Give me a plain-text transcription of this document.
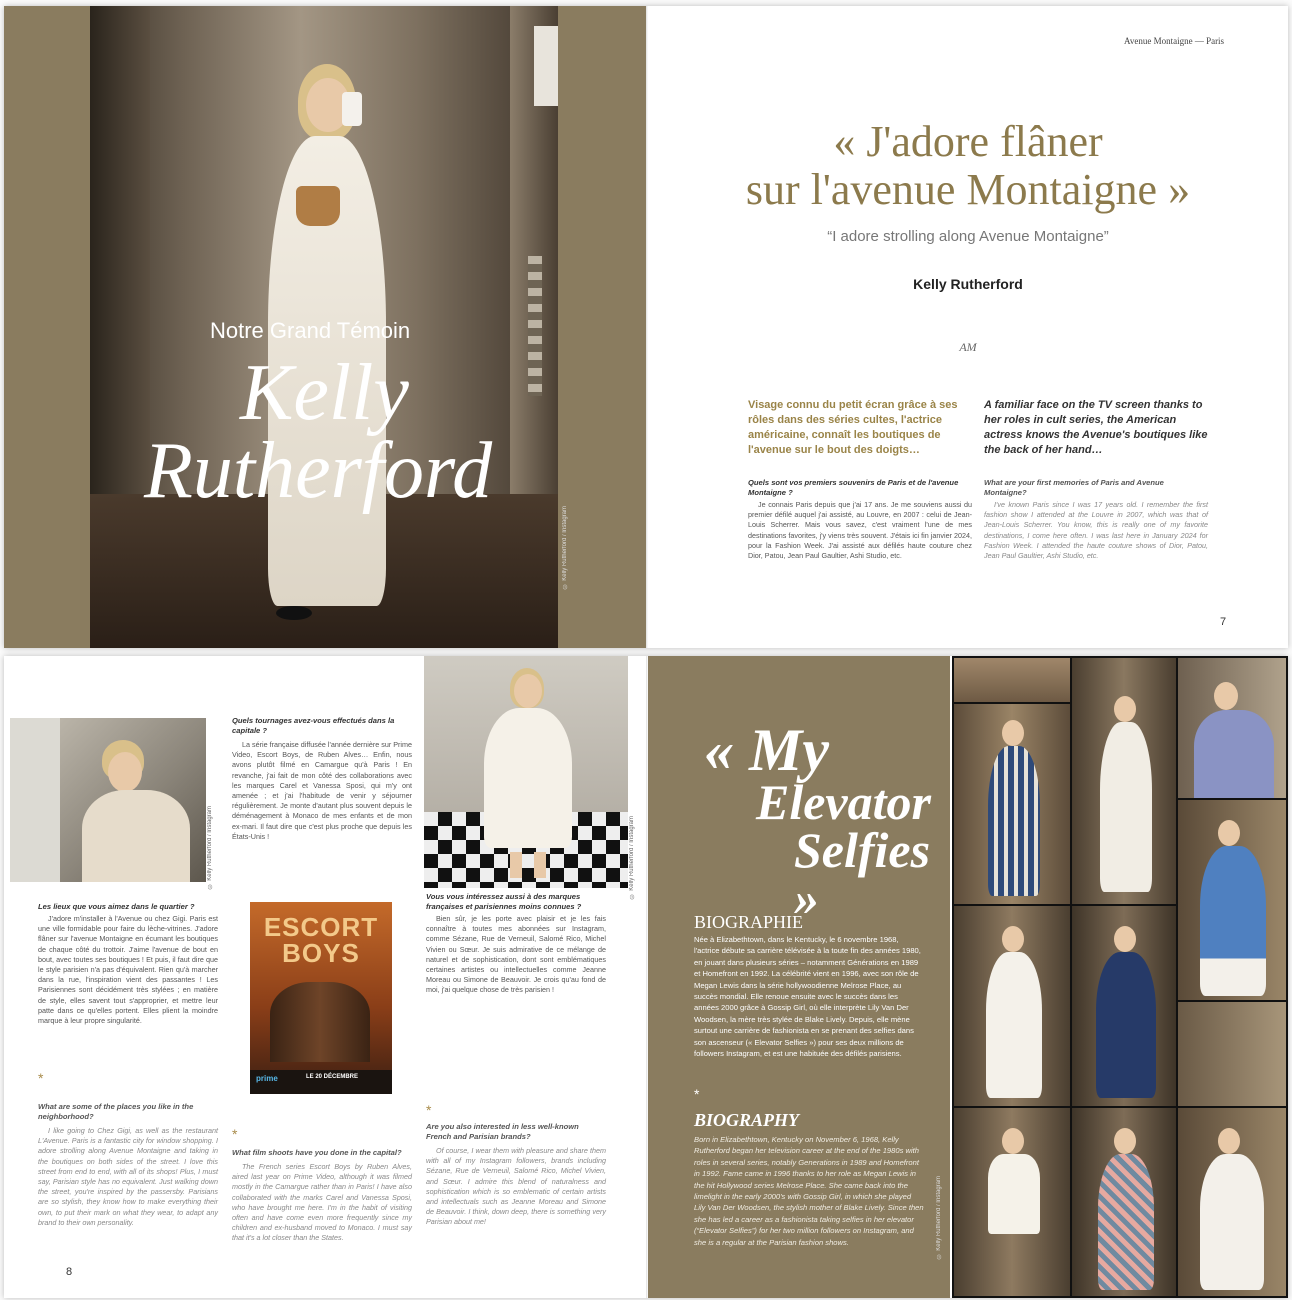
Notre Grand Témoin
Kelly
Rutherford
© Kelly Rutherford / Instagram
Avenue Montaigne — Paris
« J'adore flâner
sur l'avenue Montaigne »
“I adore strolling along Avenue Montaigne”
Kelly Rutherford
AM
Visage connu du petit écran grâce à ses rôles dans des séries cultes, l'actrice américaine, connaît les boutiques de l'avenue sur le bout des doigts…
A familiar face on the TV screen thanks to her roles in cult series, the American actress knows the Avenue's boutiques like the back of her hand…
Quels sont vos premiers souvenirs de Paris et de l'avenue Montaigne ?
Je connais Paris depuis que j'ai 17 ans. Je me souviens aussi du premier défilé auquel j'ai assisté, au Louvre, en 2007 : celui de Jean-Louis Scherrer. Mais vous savez, c'est vraiment l'une de mes destinations favorites, j'y viens très souvent. J'étais ici fin janvier 2024, pour la Fashion Week. J'ai assisté aux défilés haute couture chez Dior, Patou, Jean Paul Gaultier, Ashi Studio, etc.
What are your first memories of Paris and Avenue Montaigne?
I've known Paris since I was 17 years old. I remember the first fashion show I attended at the Louvre in 2007, which was that of Jean-Louis Scherrer. You know, this is really one of my favorite destinations, I come here often. I was last here in January 2024 for Fashion Week. I attended the haute couture shows of Dior, Patou, Jean Paul Gaultier, Ashi Studio, etc.
7
© Kelly Rutherford / Instagram
Quels tournages avez-vous effectués dans la capitale ?
La série française diffusée l'année dernière sur Prime Video, Escort Boys, de Ruben Alves… Enfin, nous avons plutôt filmé en Camargue qu'à Paris ! En revanche, j'ai fait de mon côté des collaborations avec les marques Carel et Vanessa Sposi, qui m'y ont amenée ; et j'ai l'habitude de venir y séjourner régulièrement. Je monte d'autant plus souvent depuis le déménagement à Monaco de mes enfants et de mon ex-mari. Il faut dire que c'est plus proche que depuis les États-Unis !
Les lieux que vous aimez dans le quartier ?
J'adore m'installer à l'Avenue ou chez Gigi. Paris est une ville formidable pour faire du lèche-vitrines. J'adore flâner sur l'avenue Montaigne en écumant les boutiques de chaque côté du trottoir. J'aime l'avenue de bout en bout, avec toutes ses boutiques ! Et puis, il faut dire que le style parisien n'a pas d'équivalent. Rien qu'à marcher dans la rue, l'inspiration vient des passantes ! Les Parisiennes sont décidément très stylées ; en matière de style, elles savent tout s'approprier, et mettre leur patte dans ce qu'elles portent. Elles plient la moindre marque à leur propre singularité.
ESCORT
BOYS
prime	LE 20 DÉCEMBRE
© Kelly Rutherford / Instagram
Vous vous intéressez aussi à des marques françaises et parisiennes moins connues ?
Bien sûr, je les porte avec plaisir et je les fais connaître à toutes mes abonnées sur Instagram, comme Sézane, Rue de Verneuil, Salomé Rico, Michel Vivien ou Sœur. Je suis admirative de ce mélange de naturel et de sophistication, dont sont emblématiques certaines artistes ou intellectuelles comme Jeanne Moreau ou Simone de Beauvoir. Je crois qu'au fond de moi, j'ai quelque chose de très parisien !
*
What are some of the places you like in the neighborhood?
I like going to Chez Gigi, as well as the restaurant L'Avenue. Paris is a fantastic city for window shopping. I adore strolling along Avenue Montaigne and taking in the boutiques on both sides of the street. I love this street from end to end, with all of its shops! Plus, I must say, Parisian style has no equivalent. Just walking down the street, you're inspired by the passersby. Parisians are so stylish, they know how to make everything their own, to put their mark on what they wear, to adapt any brand to their own personality.
*
What film shoots have you done in the capital?
The French series Escort Boys by Ruben Alves, aired last year on Prime Video, although it was filmed mostly in the Camargue rather than in Paris! I have also collaborated with the marks Carel and Vanessa Sposi, who have brought me here. I'm in the habit of visiting often and have come even more frequently since my children and ex-husband moved to Monaco. I must say that it's a lot closer than the States.
*
Are you also interested in less well-known French and Parisian brands?
Of course, I wear them with pleasure and share them with all of my Instagram followers, brands including Sézane, Rue de Verneuil, Salomé Rico, Michel Vivien, and Sœur. I admire this blend of naturalness and sophistication which is so emblematic of certain artists and intellectuals such as Jeanne Moreau and Simone de Beauvoir. I think, down deep, there is something very Parisian about me!
8
« My
Elevator
Selfies »
BIOGRAPHIE
Née à Elizabethtown, dans le Kentucky, le 6 novembre 1968, l'actrice débute sa carrière télévisée à la toute fin des années 1980, en jouant dans plusieurs séries – notamment Générations en 1989 et Homefront en 1992. La célébrité vient en 1996, avec son rôle de Megan Lewis dans la série hollywoodienne Melrose Place, au succès mondial. Elle renoue ensuite avec le succès dans les années 2000 grâce à Gossip Girl, où elle interprète Lily Van Der Woodsen, la mère très stylée de Blake Lively. Depuis, elle mène surtout une carrière de fashionista en se prenant des selfies dans son ascenseur (« Elevator Selfies ») pour ses deux millions de followers Instagram, et est une habituée des défilés parisiens.
*
BIOGRAPHY
Born in Elizabethtown, Kentucky on November 6, 1968, Kelly Rutherford began her television career at the end of the 1980s with roles in several series, notably Generations in 1989 and Homefront in 1992. Fame came in 1996 thanks to her role as Megan Lewis in the hit Hollywood series Melrose Place. She came back into the limelight in the early 2000's with Gossip Girl, in which she played Lily Van Der Woodsen, the stylish mother of Blake Lively. Since then she has led a career as a fashionista taking selfies in her elevator (“Elevator Selfies”) for her two million followers on Instagram, and she is a regular at the Parisian fashion shows.	© Kelly Rutherford / Instagram
